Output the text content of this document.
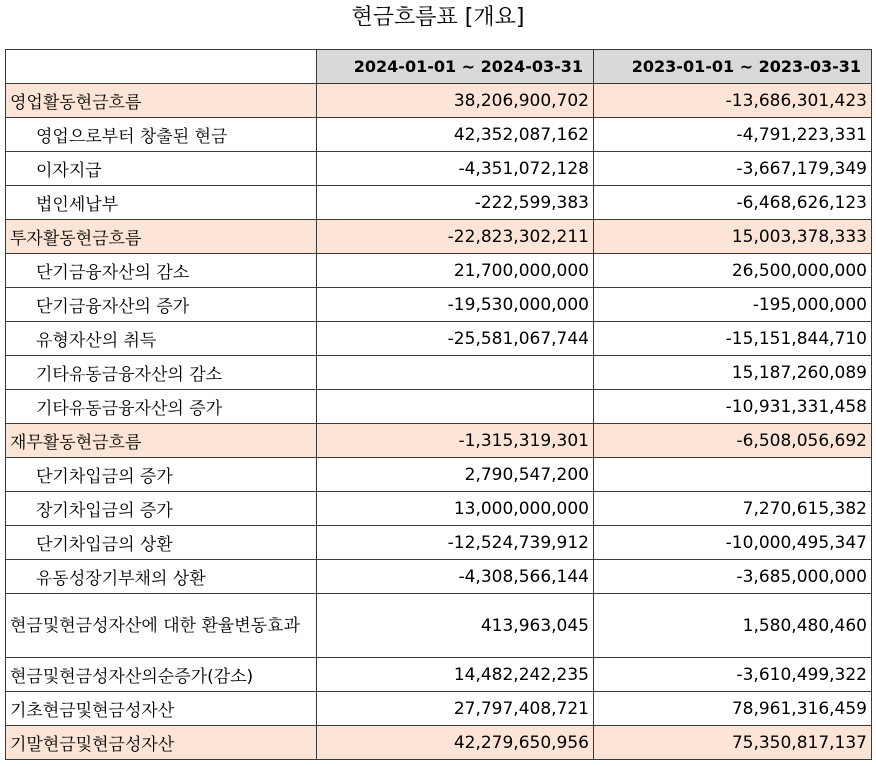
현금흐름표 [개요]
	2024-01-01 ~ 2024-03-31	2023-01-01 ~ 2023-03-31
영업활동현금흐름	38,206,900,702	-13,686,301,423
영업으로부터 창출된 현금	42,352,087,162	-4,791,223,331
이자지급	-4,351,072,128	-3,667,179,349
법인세납부	-222,599,383	-6,468,626,123
투자활동현금흐름	-22,823,302,211	15,003,378,333
단기금융자산의 감소	21,700,000,000	26,500,000,000
단기금융자산의 증가	-19,530,000,000	-195,000,000
유형자산의 취득	-25,581,067,744	-15,151,844,710
기타유동금융자산의 감소		15,187,260,089
기타유동금융자산의 증가		-10,931,331,458
재무활동현금흐름	-1,315,319,301	-6,508,056,692
단기차입금의 증가	2,790,547,200	
장기차입금의 증가	13,000,000,000	7,270,615,382
단기차입금의 상환	-12,524,739,912	-10,000,495,347
유동성장기부채의 상환	-4,308,566,144	-3,685,000,000
현금및현금성자산에 대한 환율변동효과	413,963,045	1,580,480,460
현금및현금성자산의순증가(감소)	14,482,242,235	-3,610,499,322
기초현금및현금성자산	27,797,408,721	78,961,316,459
기말현금및현금성자산	42,279,650,956	75,350,817,137
